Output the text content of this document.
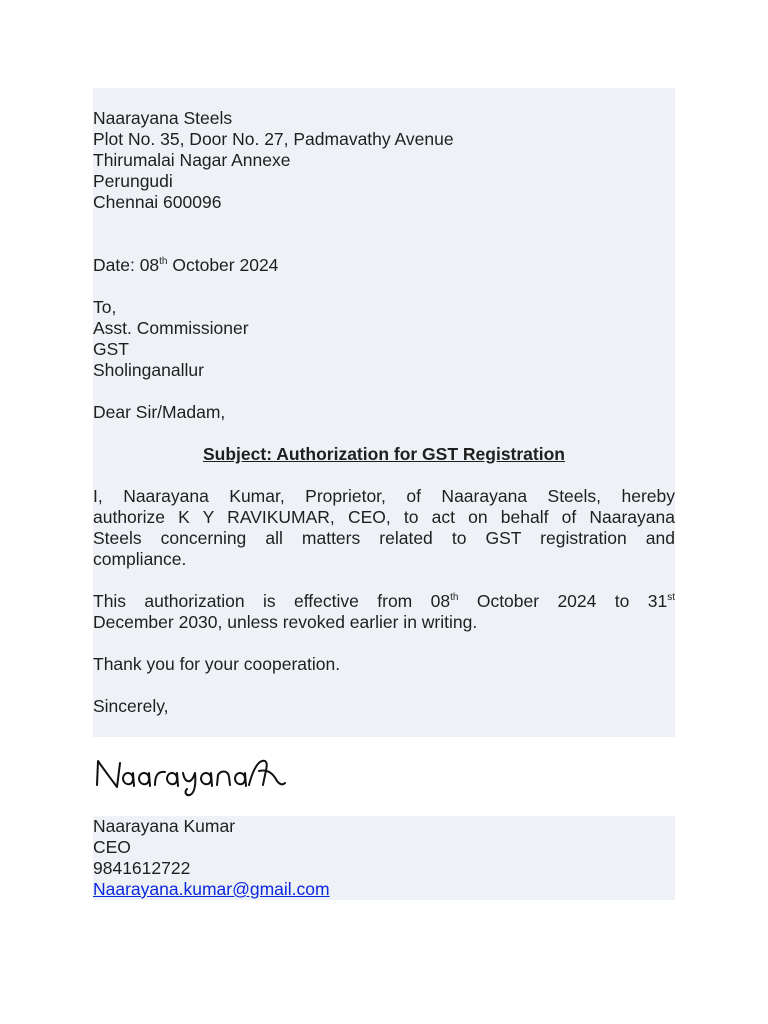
Naarayana Steels
Plot No. 35, Door No. 27, Padmavathy Avenue
Thirumalai Nagar Annexe
Perungudi
Chennai 600096
Date: 08th October 2024
To,
Asst. Commissioner
GST
Sholinganallur
Dear Sir/Madam,
Subject: Authorization for GST Registration
I, Naarayana Kumar, Proprietor, of Naarayana Steels, hereby
authorize K Y RAVIKUMAR, CEO, to act on behalf of Naarayana
Steels concerning all matters related to GST registration and
compliance.
This authorization is effective from 08th October 2024 to 31st
December 2030, unless revoked earlier in writing.
Thank you for your cooperation.
Sincerely,
Naarayana Kumar
CEO
9841612722
Naarayana.kumar@gmail.com
